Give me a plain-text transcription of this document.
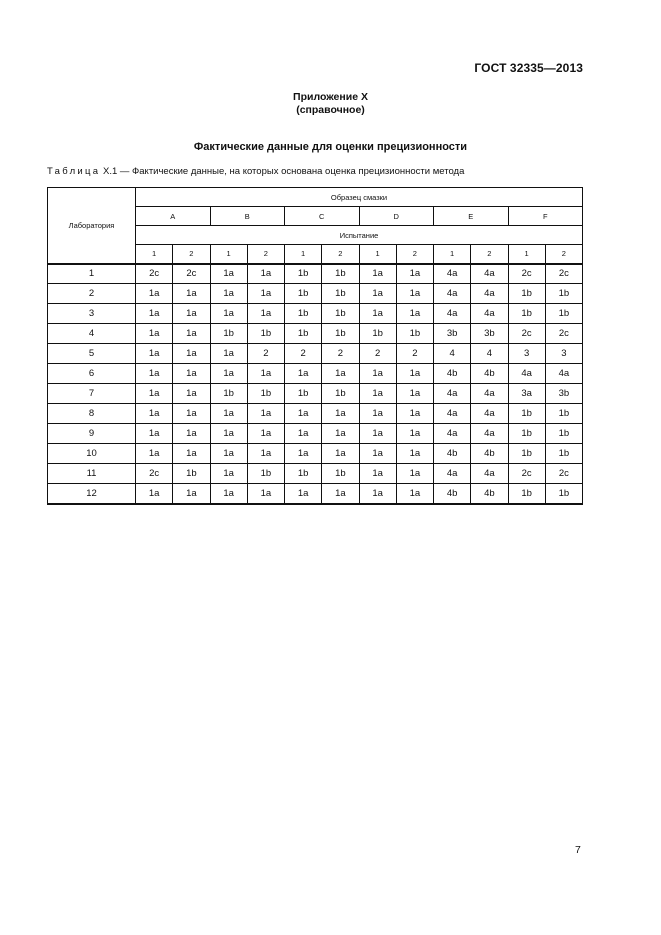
ГОСТ 32335—2013
Приложение X
(справочное)
Фактические данные для оценки прецизионности
Таблица X.1 — Фактические данные, на которых основана оценка прецизионности метода
Лаборатория	Образец смазки											
	A		B		C		D		E		F	
	Испытание											
	1	2	1	2	1	2	1	2	1	2	1	2
1	2c	2c	1a	1a	1b	1b	1a	1a	4a	4a	2c	2c
2	1a	1a	1a	1a	1b	1b	1a	1a	4a	4a	1b	1b
3	1a	1a	1a	1a	1b	1b	1a	1a	4a	4a	1b	1b
4	1a	1a	1b	1b	1b	1b	1b	1b	3b	3b	2c	2c
5	1a	1a	1a	2	2	2	2	2	4	4	3	3
6	1a	1a	1a	1a	1a	1a	1a	1a	4b	4b	4a	4a
7	1a	1a	1b	1b	1b	1b	1a	1a	4a	4a	3a	3b
8	1a	1a	1a	1a	1a	1a	1a	1a	4a	4a	1b	1b
9	1a	1a	1a	1a	1a	1a	1a	1a	4a	4a	1b	1b
10	1a	1a	1a	1a	1a	1a	1a	1a	4b	4b	1b	1b
11	2c	1b	1a	1b	1b	1b	1a	1a	4a	4a	2c	2c
12	1a	1a	1a	1a	1a	1a	1a	1a	4b	4b	1b	1b
7
